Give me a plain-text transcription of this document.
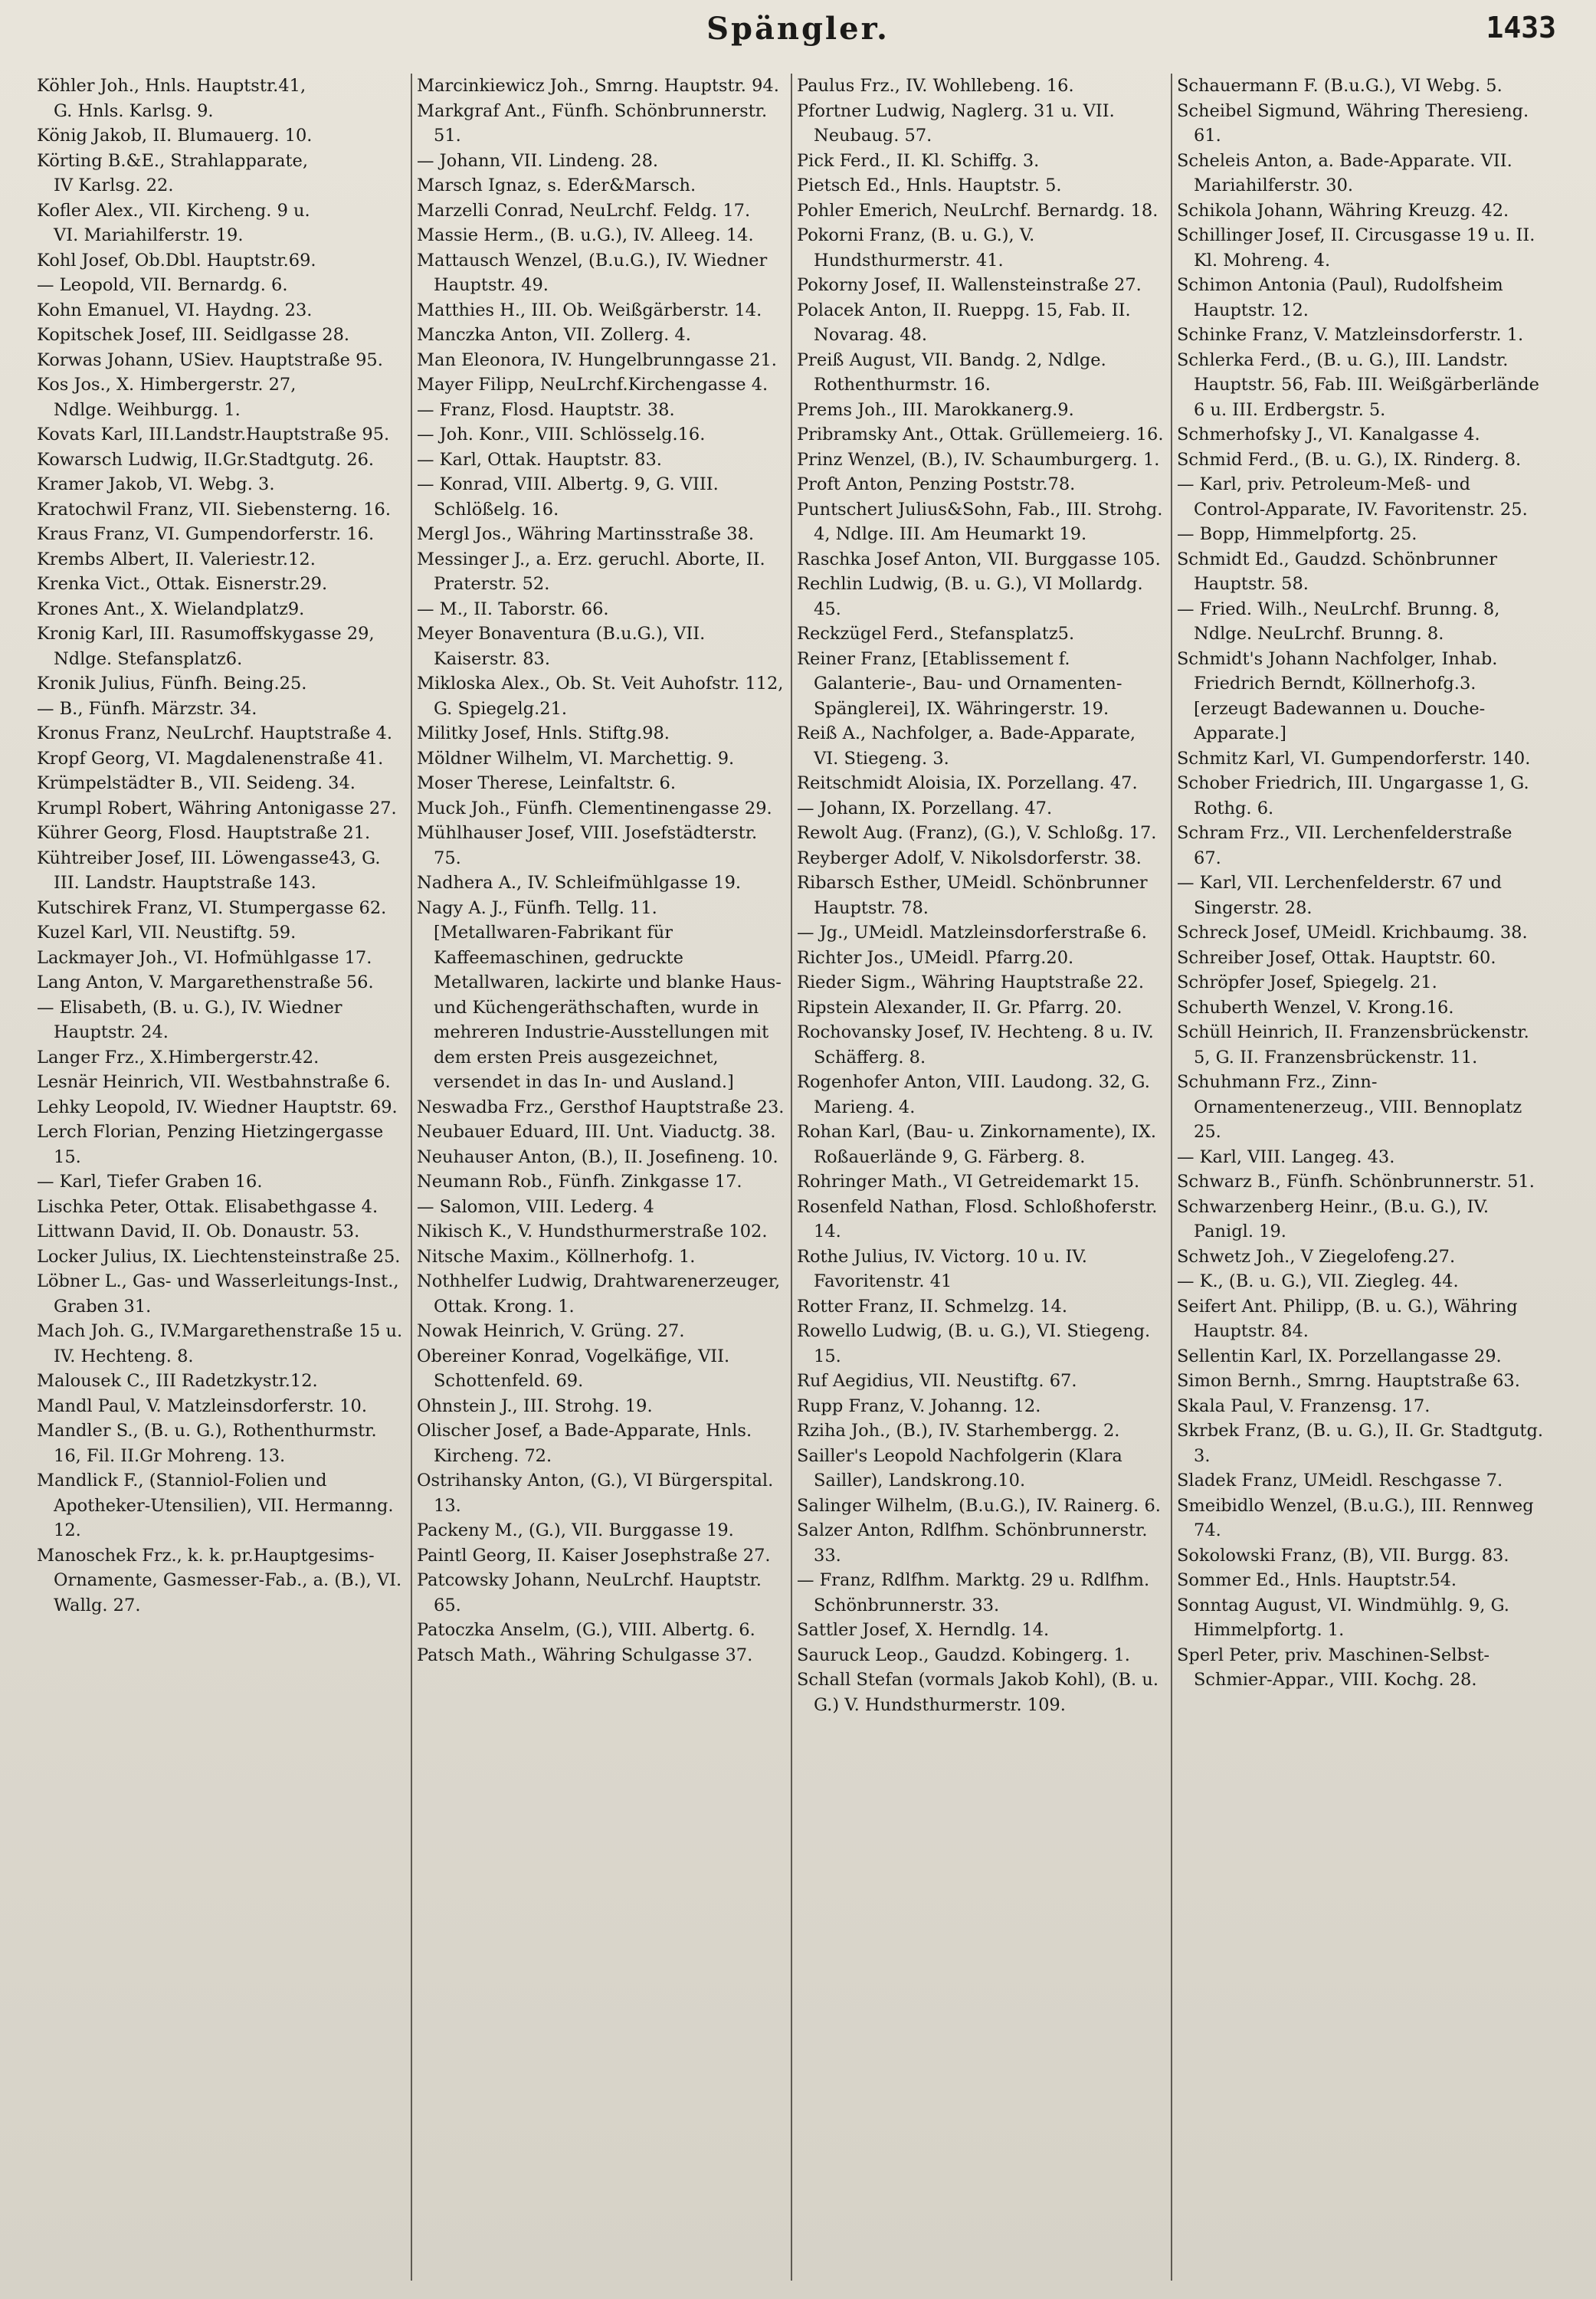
Spängler.	1433
Köhler Joh., Hnls. Hauptstr.41,
G. Hnls. Karlsg. 9.
König Jakob, II. Blumauerg. 10.
Körting B.&E., Strahlapparate,
IV Karlsg. 22.
Kofler Alex., VII. Kircheng. 9 u.
VI. Mariahilferstr. 19.
Kohl Josef, Ob.Dbl. Hauptstr.69.
— Leopold, VII. Bernardg. 6.
Kohn Emanuel, VI. Haydng. 23.
Kopitschek Josef, III. Seidlgasse 28.
Korwas Johann, USiev. Hauptstraße 95.
Kos Jos., X. Himbergerstr. 27,
Ndlge. Weihburgg. 1.
Kovats Karl, III.Landstr.Hauptstraße 95.
Kowarsch Ludwig, II.Gr.Stadtgutg. 26.
Kramer Jakob, VI. Webg. 3.
Kratochwil Franz, VII. Siebensterng. 16.
Kraus Franz, VI. Gumpendorferstr. 16.
Krembs Albert, II. Valeriestr.12.
Krenka Vict., Ottak. Eisnerstr.29.
Krones Ant., X. Wielandplatz9.
Kronig Karl, III. Rasumoffskygasse 29, Ndlge. Stefansplatz6.
Kronik Julius, Fünfh. Being.25.
— B., Fünfh. Märzstr. 34.
Kronus Franz, NeuLrchf. Hauptstraße 4.
Kropf Georg, VI. Magdalenenstraße 41.
Krümpelstädter B., VII. Seideng. 34.
Krumpl Robert, Währing Antonigasse 27.
Kührer Georg, Flosd. Hauptstraße 21.
Kühtreiber Josef, III. Löwengasse43, G. III. Landstr. Hauptstraße 143.
Kutschirek Franz, VI. Stumpergasse 62.
Kuzel Karl, VII. Neustiftg. 59.
Lackmayer Joh., VI. Hofmühlgasse 17.
Lang Anton, V. Margarethenstraße 56.
— Elisabeth, (B. u. G.), IV. Wiedner Hauptstr. 24.
Langer Frz., X.Himbergerstr.42.
Lesnär Heinrich, VII. Westbahnstraße 6.
Lehky Leopold, IV. Wiedner Hauptstr. 69.
Lerch Florian, Penzing Hietzingergasse 15.
— Karl, Tiefer Graben 16.
Lischka Peter, Ottak. Elisabethgasse 4.
Littwann David, II. Ob. Donaustr. 53.
Locker Julius, IX. Liechtensteinstraße 25.
Löbner L., Gas- und Wasserleitungs-Inst., Graben 31.
Mach Joh. G., IV.Margarethenstraße 15 u. IV. Hechteng. 8.
Malousek C., III Radetzkystr.12.
Mandl Paul, V. Matzleinsdorferstr. 10.
Mandler S., (B. u. G.), Rothenthurmstr. 16, Fil. II.Gr Mohreng. 13.
Mandlick F., (Stanniol-Folien und Apotheker-Utensilien), VII. Hermanng. 12.
Manoschek Frz., k. k. pr.Hauptgesims-Ornamente, Gasmesser-Fab., a. (B.), VI. Wallg. 27.
Marcinkiewicz Joh., Smrng. Hauptstr. 94.
Markgraf Ant., Fünfh. Schönbrunnerstr. 51.
— Johann, VII. Lindeng. 28.
Marsch Ignaz, s. Eder&Marsch.
Marzelli Conrad, NeuLrchf. Feldg. 17.
Massie Herm., (B. u.G.), IV. Alleeg. 14.
Mattausch Wenzel, (B.u.G.), IV. Wiedner Hauptstr. 49.
Matthies H., III. Ob. Weißgärberstr. 14.
Manczka Anton, VII. Zollerg. 4.
Man Eleonora, IV. Hungelbrunngasse 21.
Mayer Filipp, NeuLrchf.Kirchengasse 4.
— Franz, Flosd. Hauptstr. 38.
— Joh. Konr., VIII. Schlösselg.16.
— Karl, Ottak. Hauptstr. 83.
— Konrad, VIII. Albertg. 9, G. VIII. Schlößelg. 16.
Mergl Jos., Währing Martinsstraße 38.
Messinger J., a. Erz. geruchl. Aborte, II. Praterstr. 52.
— M., II. Taborstr. 66.
Meyer Bonaventura (B.u.G.), VII. Kaiserstr. 83.
Mikloska Alex., Ob. St. Veit Auhofstr. 112, G. Spiegelg.21.
Militky Josef, Hnls. Stiftg.98.
Möldner Wilhelm, VI. Marchettig. 9.
Moser Therese, Leinfaltstr. 6.
Muck Joh., Fünfh. Clementinengasse 29.
Mühlhauser Josef, VIII. Josefstädterstr. 75.
Nadhera A., IV. Schleifmühlgasse 19.
Nagy A. J., Fünfh. Tellg. 11. [Metallwaren-Fabrikant für Kaffeemaschinen, gedruckte Metallwaren, lackirte und blanke Haus- und Küchengeräthschaften, wurde in mehreren Industrie-Ausstellungen mit dem ersten Preis ausgezeichnet, versendet in das In- und Ausland.]
Neswadba Frz., Gersthof Hauptstraße 23.
Neubauer Eduard, III. Unt. Viaductg. 38.
Neuhauser Anton, (B.), II. Josefineng. 10.
Neumann Rob., Fünfh. Zinkgasse 17.
— Salomon, VIII. Lederg. 4
Nikisch K., V. Hundsthurmerstraße 102.
Nitsche Maxim., Köllnerhofg. 1.
Nothhelfer Ludwig, Drahtwarenerzeuger, Ottak. Krong. 1.
Nowak Heinrich, V. Grüng. 27.
Obereiner Konrad, Vogelkäfige, VII. Schottenfeld. 69.
Ohnstein J., III. Strohg. 19.
Olischer Josef, a Bade-Apparate, Hnls. Kircheng. 72.
Ostrihansky Anton, (G.), VI Bürgerspital. 13.
Packeny M., (G.), VII. Burggasse 19.
Paintl Georg, II. Kaiser Josephstraße 27.
Patcowsky Johann, NeuLrchf. Hauptstr. 65.
Patoczka Anselm, (G.), VIII. Albertg. 6.
Patsch Math., Währing Schulgasse 37.
Paulus Frz., IV. Wohllebeng. 16.
Pfortner Ludwig, Naglerg. 31 u. VII. Neubaug. 57.
Pick Ferd., II. Kl. Schiffg. 3.
Pietsch Ed., Hnls. Hauptstr. 5.
Pohler Emerich, NeuLrchf. Bernardg. 18.
Pokorni Franz, (B. u. G.), V. Hundsthurmerstr. 41.
Pokorny Josef, II. Wallensteinstraße 27.
Polacek Anton, II. Rueppg. 15, Fab. II. Novarag. 48.
Preiß August, VII. Bandg. 2, Ndlge. Rothenthurmstr. 16.
Prems Joh., III. Marokkanerg.9.
Pribramsky Ant., Ottak. Grüllemeierg. 16.
Prinz Wenzel, (B.), IV. Schaumburgerg. 1.
Proft Anton, Penzing Poststr.78.
Puntschert Julius&Sohn, Fab., III. Strohg. 4, Ndlge. III. Am Heumarkt 19.
Raschka Josef Anton, VII. Burggasse 105.
Rechlin Ludwig, (B. u. G.), VI Mollardg. 45.
Reckzügel Ferd., Stefansplatz5.
Reiner Franz, [Etablissement f. Galanterie-, Bau- und Ornamenten-Spänglerei], IX. Währingerstr. 19.
Reiß A., Nachfolger, a. Bade-Apparate, VI. Stiegeng. 3.
Reitschmidt Aloisia, IX. Porzellang. 47.
— Johann, IX. Porzellang. 47.
Rewolt Aug. (Franz), (G.), V. Schloßg. 17.
Reyberger Adolf, V. Nikolsdorferstr. 38.
Ribarsch Esther, UMeidl. Schönbrunner Hauptstr. 78.
— Jg., UMeidl. Matzleinsdorferstraße 6.
Richter Jos., UMeidl. Pfarrg.20.
Rieder Sigm., Währing Hauptstraße 22.
Ripstein Alexander, II. Gr. Pfarrg. 20.
Rochovansky Josef, IV. Hechteng. 8 u. IV. Schäfferg. 8.
Rogenhofer Anton, VIII. Laudong. 32, G. Marieng. 4.
Rohan Karl, (Bau- u. Zinkornamente), IX. Roßauerlände 9, G. Färberg. 8.
Rohringer Math., VI Getreidemarkt 15.
Rosenfeld Nathan, Flosd. Schloßhoferstr. 14.
Rothe Julius, IV. Victorg. 10 u. IV. Favoritenstr. 41
Rotter Franz, II. Schmelzg. 14.
Rowello Ludwig, (B. u. G.), VI. Stiegeng. 15.
Ruf Aegidius, VII. Neustiftg. 67.
Rupp Franz, V. Johanng. 12.
Rziha Joh., (B.), IV. Starhembergg. 2.
Sailler's Leopold Nachfolgerin (Klara Sailler), Landskrong.10.
Salinger Wilhelm, (B.u.G.), IV. Rainerg. 6.
Salzer Anton, Rdlfhm. Schönbrunnerstr. 33.
— Franz, Rdlfhm. Marktg. 29 u. Rdlfhm. Schönbrunnerstr. 33.
Sattler Josef, X. Herndlg. 14.
Sauruck Leop., Gaudzd. Kobingerg. 1.
Schall Stefan (vormals Jakob Kohl), (B. u. G.) V. Hundsthurmerstr. 109.
Schauermann F. (B.u.G.), VI Webg. 5.
Scheibel Sigmund, Währing Theresieng. 61.
Scheleis Anton, a. Bade-Apparate. VII. Mariahilferstr. 30.
Schikola Johann, Währing Kreuzg. 42.
Schillinger Josef, II. Circusgasse 19 u. II. Kl. Mohreng. 4.
Schimon Antonia (Paul), Rudolfsheim Hauptstr. 12.
Schinke Franz, V. Matzleinsdorferstr. 1.
Schlerka Ferd., (B. u. G.), III. Landstr. Hauptstr. 56, Fab. III. Weißgärberlände 6 u. III. Erdbergstr. 5.
Schmerhofsky J., VI. Kanalgasse 4.
Schmid Ferd., (B. u. G.), IX. Rinderg. 8.
— Karl, priv. Petroleum-Meß- und Control-Apparate, IV. Favoritenstr. 25.
— Bopp, Himmelpfortg. 25.
Schmidt Ed., Gaudzd. Schönbrunner Hauptstr. 58.
— Fried. Wilh., NeuLrchf. Brunng. 8, Ndlge. NeuLrchf. Brunng. 8.
Schmidt's Johann Nachfolger, Inhab. Friedrich Berndt, Köllnerhofg.3. [erzeugt Badewannen u. Douche-Apparate.]
Schmitz Karl, VI. Gumpendorferstr. 140.
Schober Friedrich, III. Ungargasse 1, G. Rothg. 6.
Schram Frz., VII. Lerchenfelderstraße 67.
— Karl, VII. Lerchenfelderstr. 67 und Singerstr. 28.
Schreck Josef, UMeidl. Krichbaumg. 38.
Schreiber Josef, Ottak. Hauptstr. 60.
Schröpfer Josef, Spiegelg. 21.
Schuberth Wenzel, V. Krong.16.
Schüll Heinrich, II. Franzensbrückenstr. 5, G. II. Franzensbrückenstr. 11.
Schuhmann Frz., Zinn-Ornamentenerzeug., VIII. Bennoplatz 25.
— Karl, VIII. Langeg. 43.
Schwarz B., Fünfh. Schönbrunnerstr. 51.
Schwarzenberg Heinr., (B.u. G.), IV. Panigl. 19.
Schwetz Joh., V Ziegelofeng.27.
— K., (B. u. G.), VII. Ziegleg. 44.
Seifert Ant. Philipp, (B. u. G.), Währing Hauptstr. 84.
Sellentin Karl, IX. Porzellangasse 29.
Simon Bernh., Smrng. Hauptstraße 63.
Skala Paul, V. Franzensg. 17.
Skrbek Franz, (B. u. G.), II. Gr. Stadtgutg. 3.
Sladek Franz, UMeidl. Reschgasse 7.
Smeibidlo Wenzel, (B.u.G.), III. Rennweg 74.
Sokolowski Franz, (B), VII. Burgg. 83.
Sommer Ed., Hnls. Hauptstr.54.
Sonntag August, VI. Windmühlg. 9, G. Himmelpfortg. 1.
Sperl Peter, priv. Maschinen-Selbst-Schmier-Appar., VIII. Kochg. 28.
